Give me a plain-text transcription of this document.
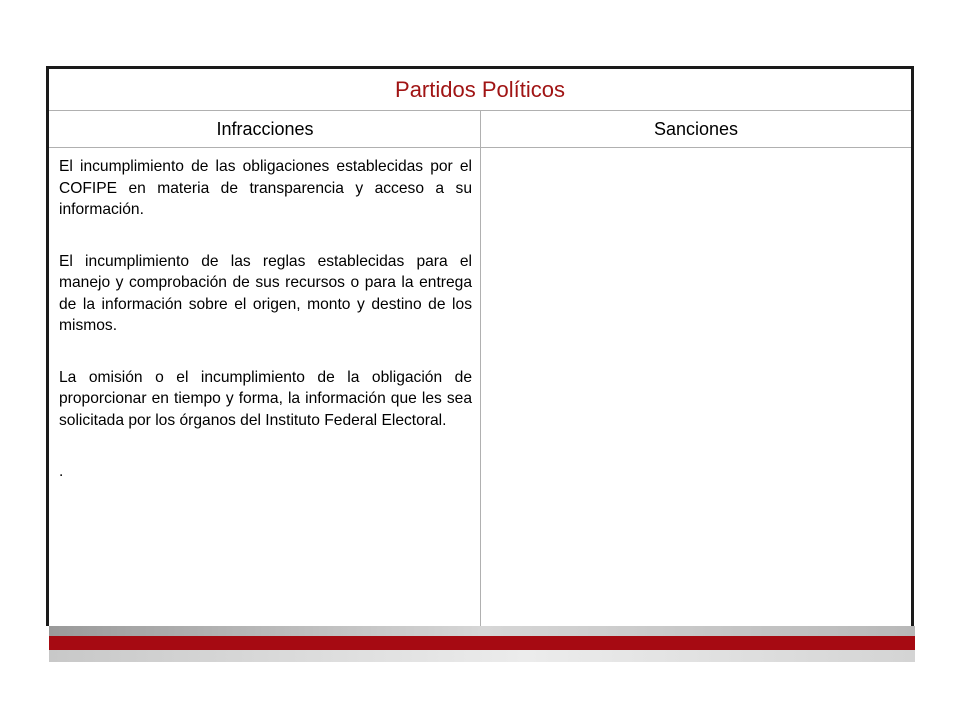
Partidos Políticos
Infracciones	Sanciones

El incumplimiento de las obligaciones establecidas por el COFIPE en materia de transparencia y acceso a su información.

El incumplimiento de las reglas establecidas para el manejo y comprobación de sus recursos o para la entrega de la información sobre el origen, monto y destino de los mismos.

La omisión o el incumplimiento de la obligación de proporcionar en tiempo y forma, la información que les sea solicitada por los órganos del Instituto Federal Electoral.

.
